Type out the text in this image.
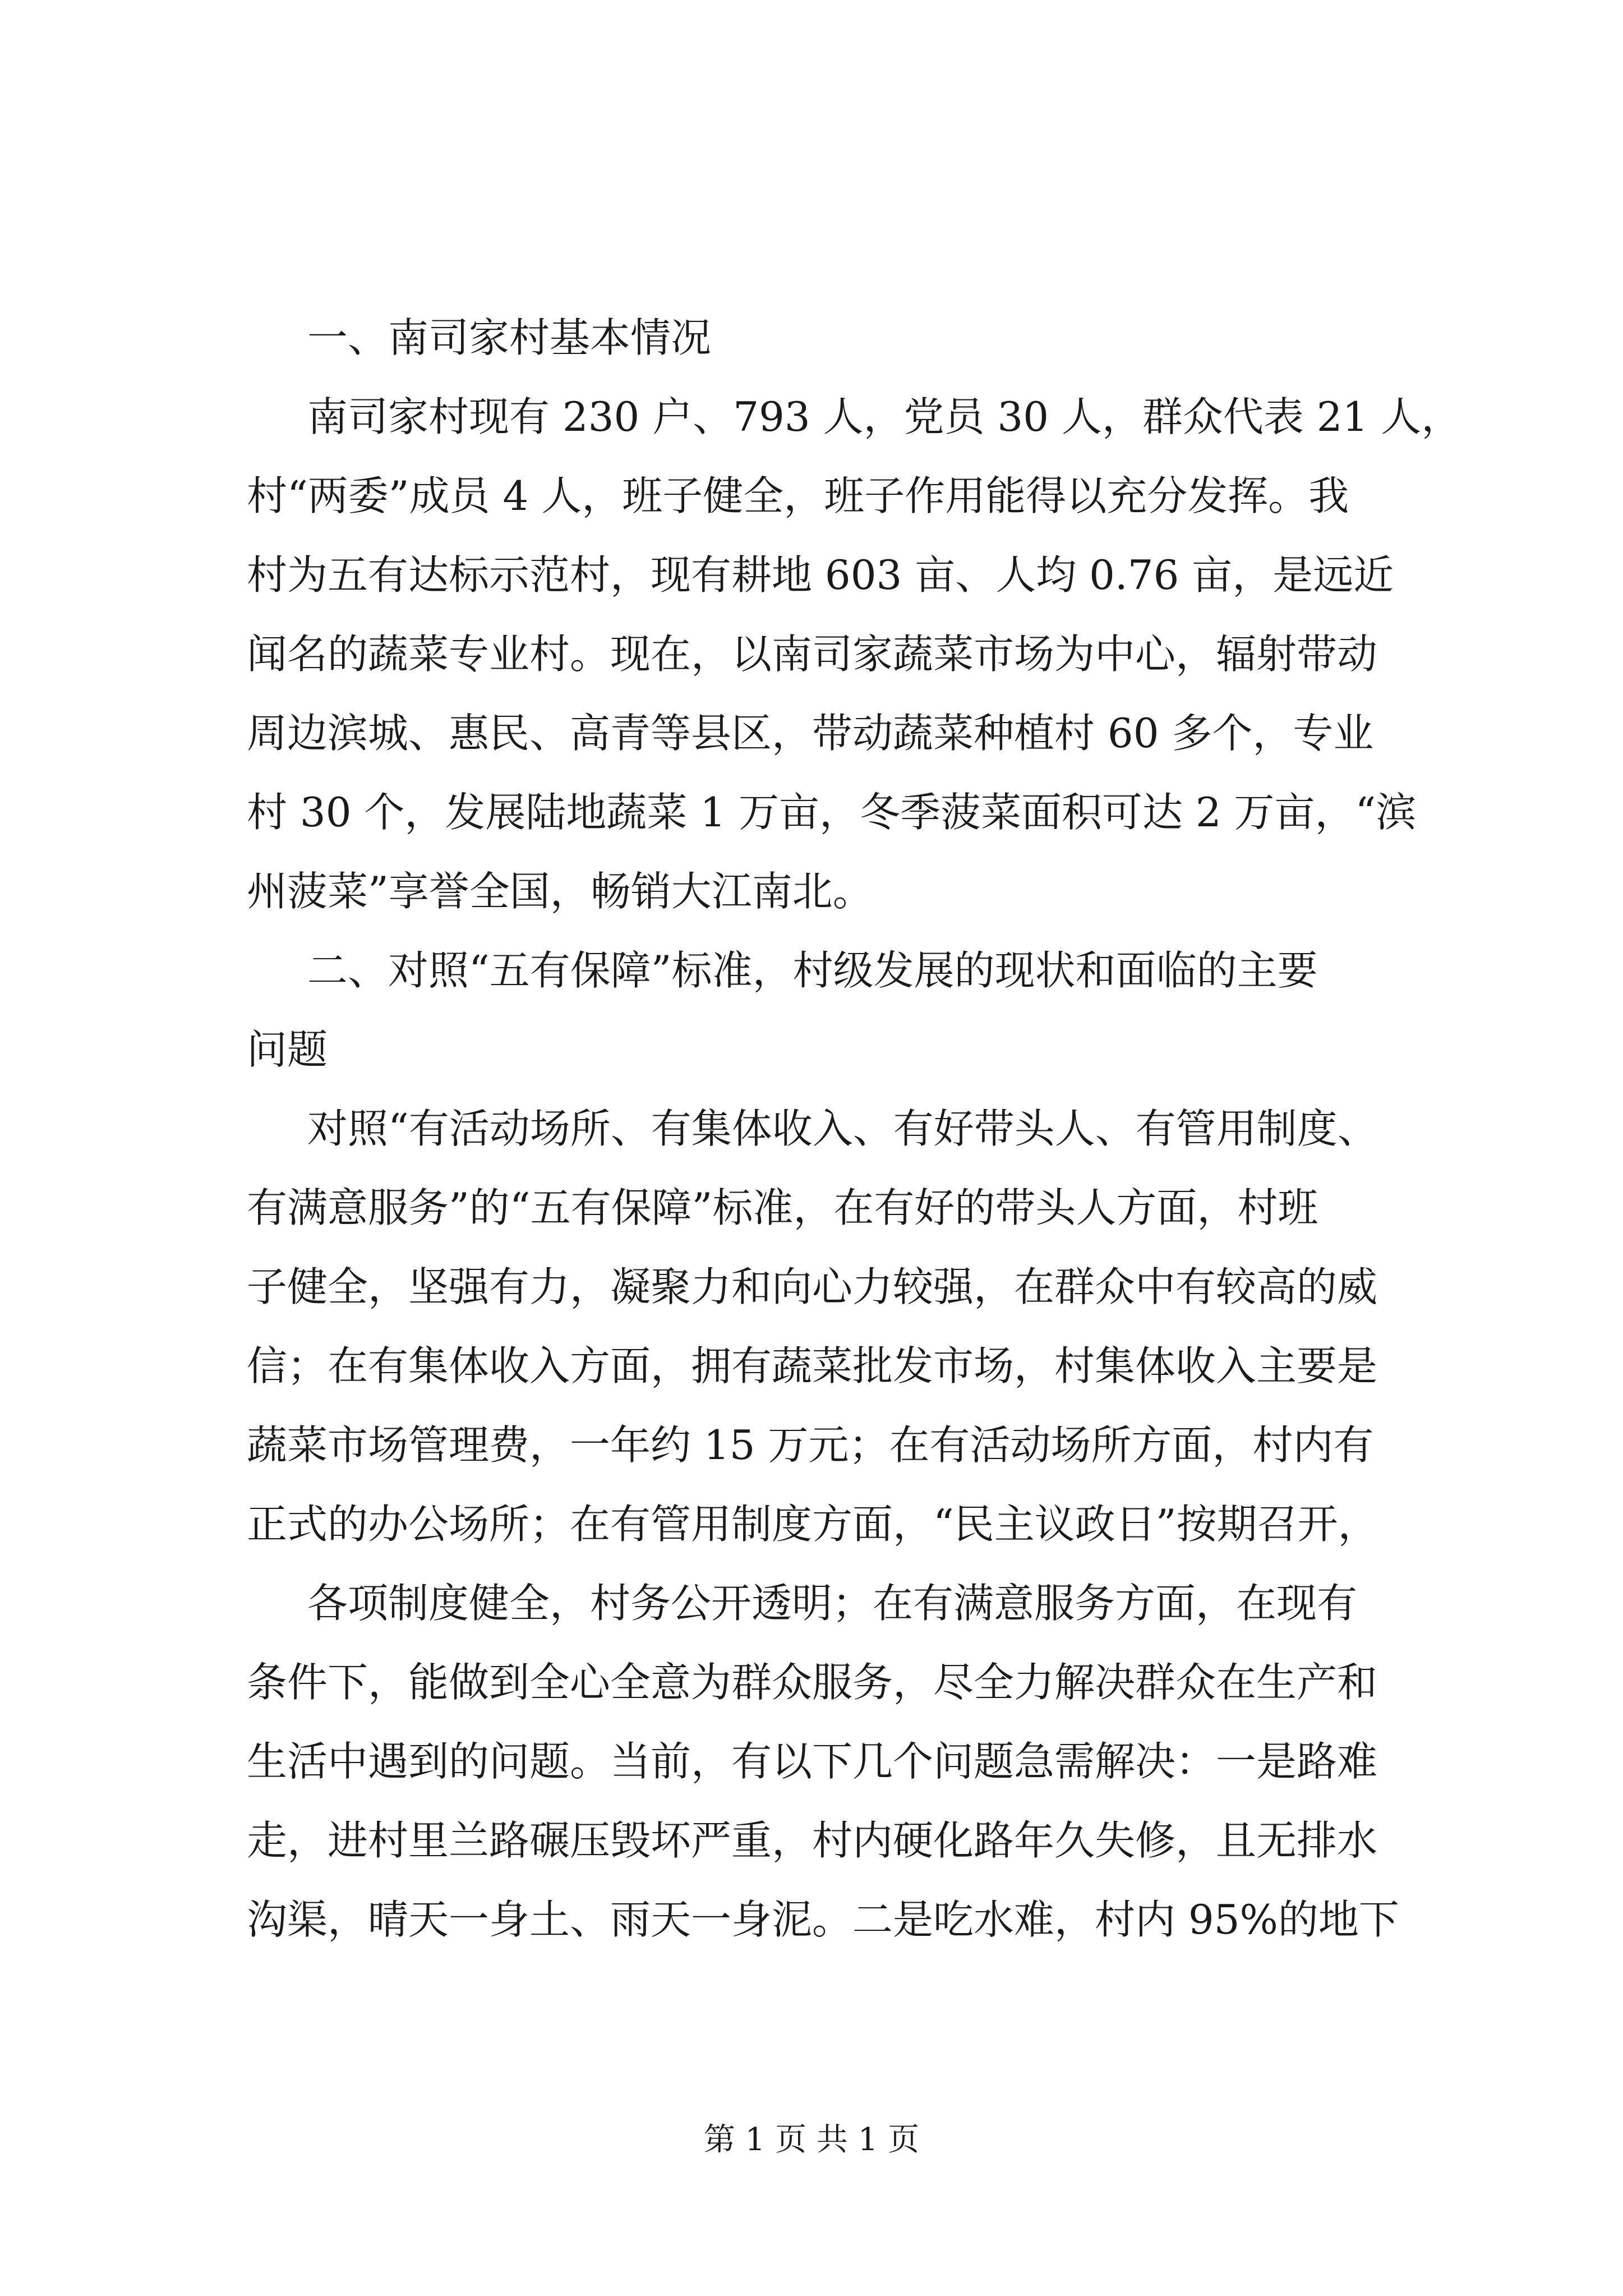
一、南司家村基本情况
南司家村现有 230 户、793 人，党员 30 人，群众代表 21 人，
村“两委”成员 4 人，班子健全，班子作用能得以充分发挥。我
村为五有达标示范村，现有耕地 603 亩、人均 0.76 亩，是远近
闻名的蔬菜专业村。现在，以南司家蔬菜市场为中心，辐射带动
周边滨城、惠民、高青等县区，带动蔬菜种植村 60 多个，专业
村 30 个，发展陆地蔬菜 1 万亩，冬季菠菜面积可达 2 万亩，“滨
州菠菜”享誉全国，畅销大江南北。
二、对照“五有保障”标准，村级发展的现状和面临的主要
问题
对照“有活动场所、有集体收入、有好带头人、有管用制度、
有满意服务”的“五有保障”标准，在有好的带头人方面，村班
子健全，坚强有力，凝聚力和向心力较强，在群众中有较高的威
信；在有集体收入方面，拥有蔬菜批发市场，村集体收入主要是
蔬菜市场管理费，一年约 15 万元；在有活动场所方面，村内有
正式的办公场所；在有管用制度方面，“民主议政日”按期召开，
各项制度健全，村务公开透明；在有满意服务方面，在现有
条件下，能做到全心全意为群众服务，尽全力解决群众在生产和
生活中遇到的问题。当前，有以下几个问题急需解决：一是路难
走，进村里兰路碾压毁坏严重，村内硬化路年久失修，且无排水
沟渠，晴天一身土、雨天一身泥。二是吃水难，村内 95%的地下
第 1 页 共 1 页
